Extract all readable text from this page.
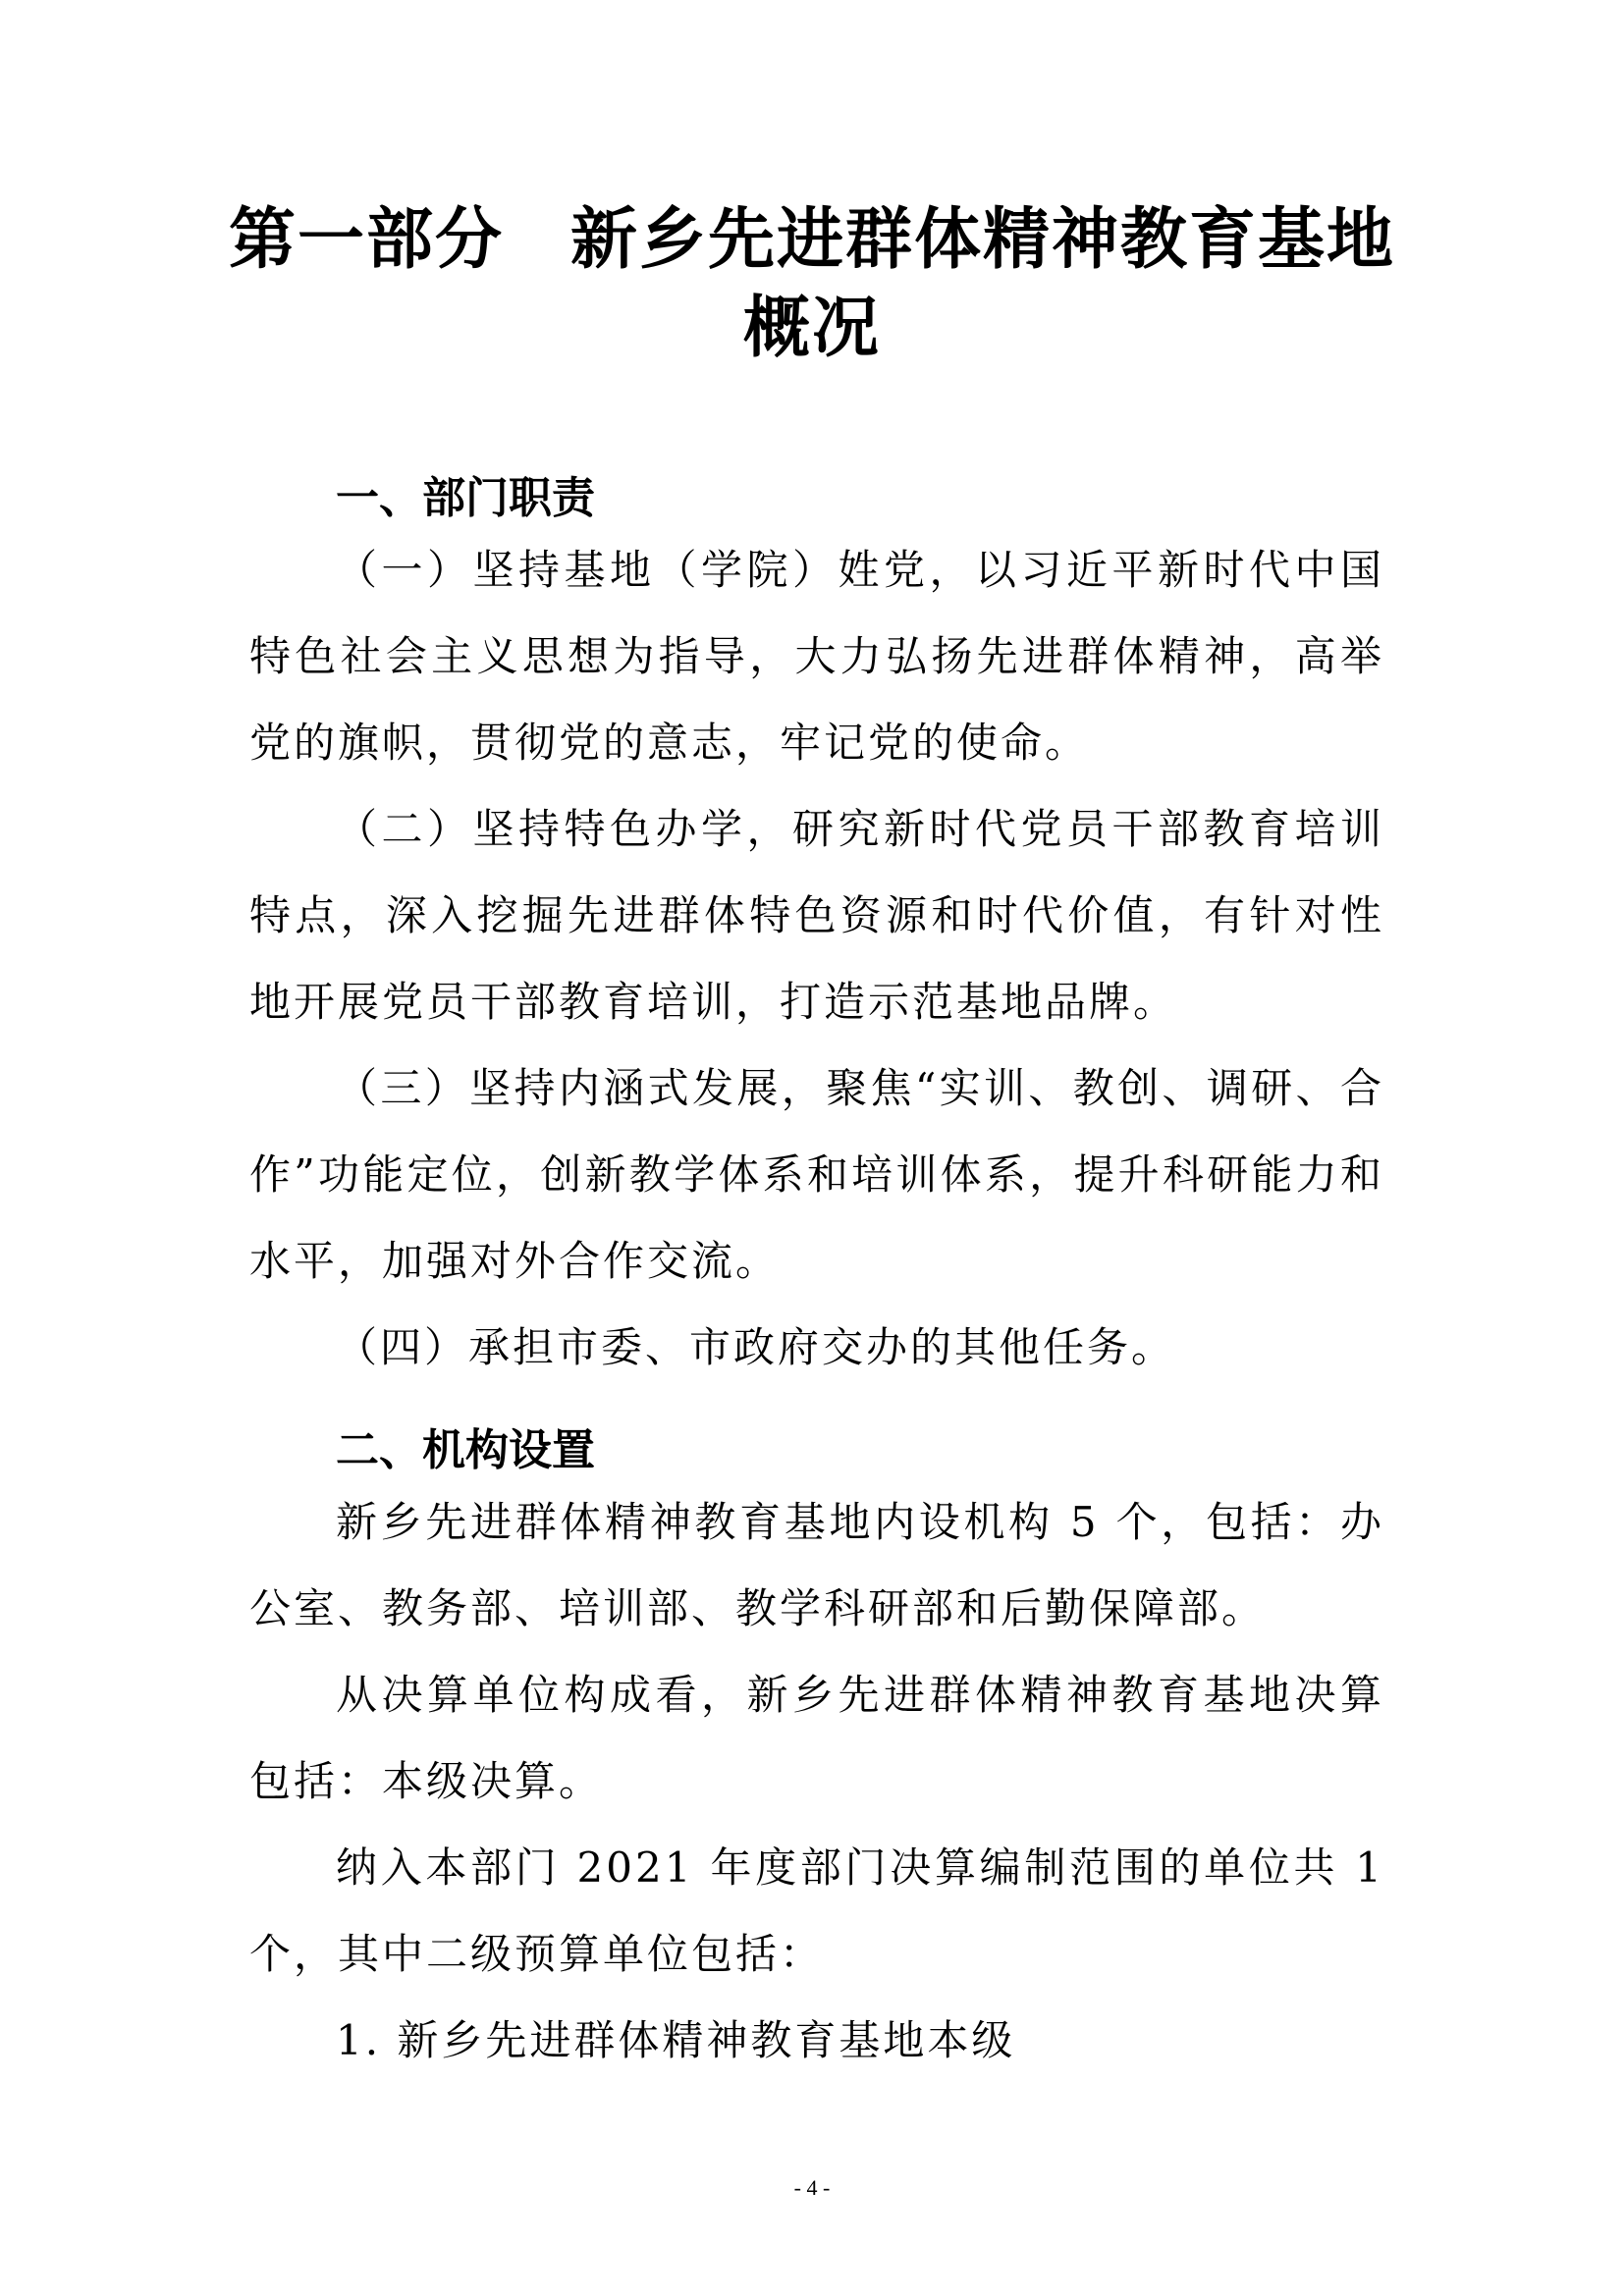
第一部分 新乡先进群体精神教育基地
概况
一、部门职责
（一）坚持基地（学院）姓党，以习近平新时代中国特色社会主义思想为指导，大力弘扬先进群体精神，高举党的旗帜，贯彻党的意志，牢记党的使命。
（二）坚持特色办学，研究新时代党员干部教育培训特点，深入挖掘先进群体特色资源和时代价值，有针对性地开展党员干部教育培训，打造示范基地品牌。
（三）坚持内涵式发展，聚焦“实训、教创、调研、合作”功能定位，创新教学体系和培训体系，提升科研能力和水平，加强对外合作交流。
（四）承担市委、市政府交办的其他任务。
二、机构设置
新乡先进群体精神教育基地内设机构 5 个，包括：办公室、教务部、培训部、教学科研部和后勤保障部。
从决算单位构成看，新乡先进群体精神教育基地决算包括：本级决算。
纳入本部门 2021 年度部门决算编制范围的单位共 1 个，其中二级预算单位包括：
1. 新乡先进群体精神教育基地本级
- 4 -
